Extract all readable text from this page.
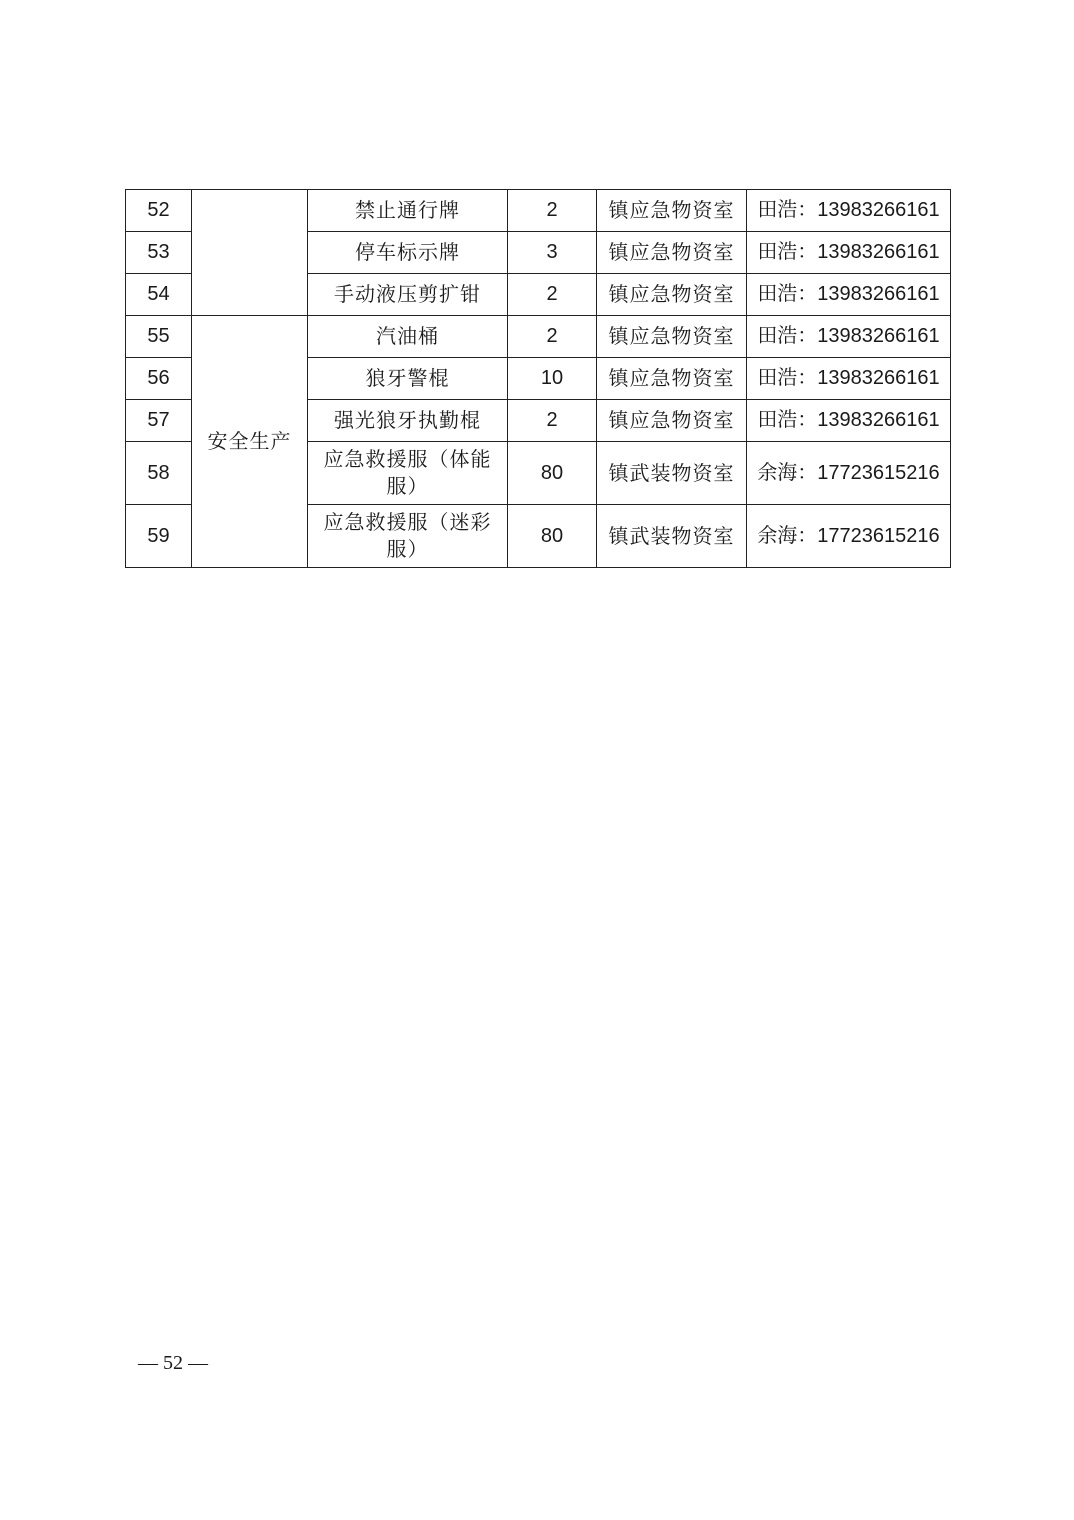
52		禁止通行牌	2	镇应急物资室	田浩：13983266161
53		停车标示牌	3	镇应急物资室	田浩：13983266161
54		手动液压剪扩钳	2	镇应急物资室	田浩：13983266161
55	安全生产	汽油桶	2	镇应急物资室	田浩：13983266161
56		狼牙警棍	10	镇应急物资室	田浩：13983266161
57		强光狼牙执勤棍	2	镇应急物资室	田浩：13983266161
58		应急救援服（体能服）	80	镇武装物资室	余海：17723615216
59		应急救援服（迷彩服）	80	镇武装物资室	余海：17723615216
— 52 —
